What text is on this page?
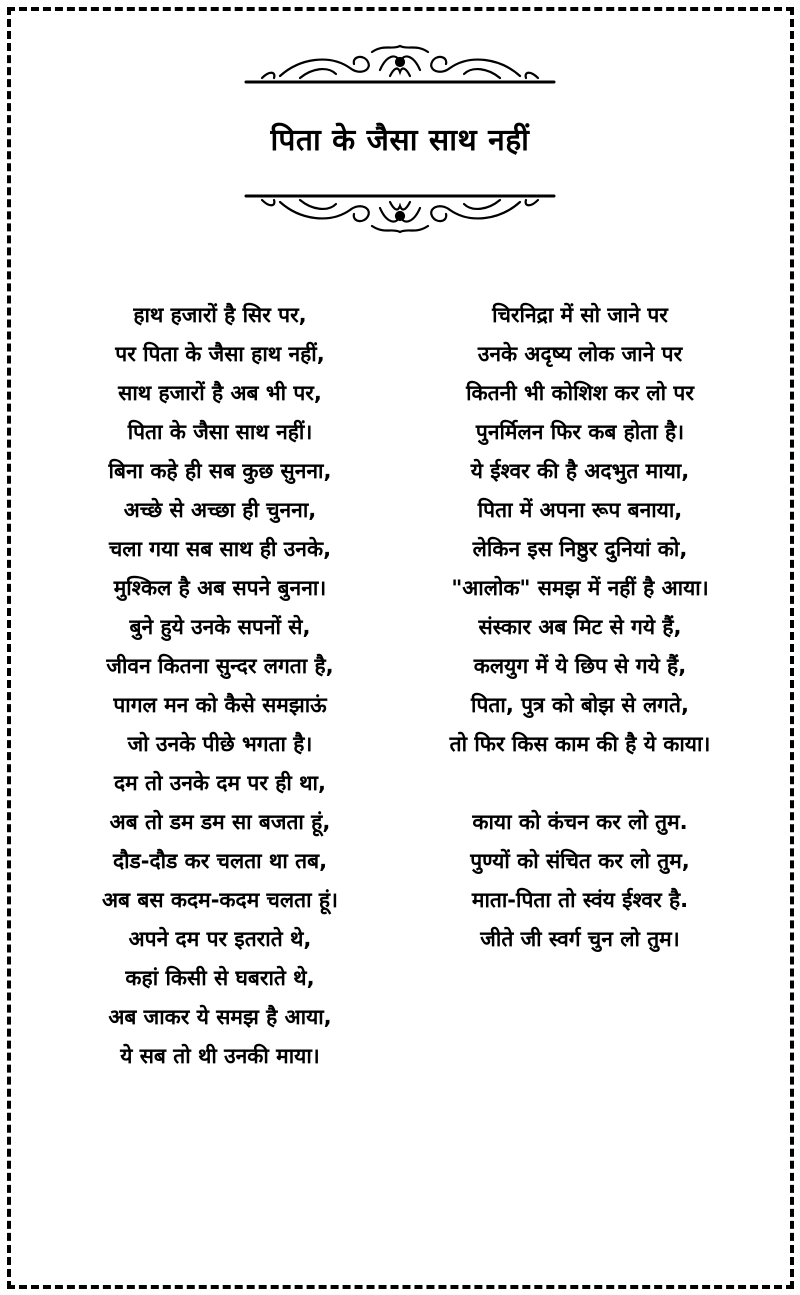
पिता के जैसा साथ नहीं
हाथ हजारों है सिर पर,
पर पिता के जैसा हाथ नहीं,
साथ हजारों है अब भी पर,
पिता के जैसा साथ नहीं।
बिना कहे ही सब कुछ सुनना,
अच्छे से अच्छा ही चुनना,
चला गया सब साथ ही उनके,
मुश्किल है अब सपने बुनना।
बुने हुये उनके सपनों से,
जीवन कितना सुन्दर लगता है,
पागल मन को कैसे समझाऊं
जो उनके पीछे भगता है।
दम तो उनके दम पर ही था,
अब तो डम डम सा बजता हूं,
दौड-दौड कर चलता था तब,
अब बस कदम-कदम चलता हूं।
अपने दम पर इतराते थे,
कहां किसी से घबराते थे,
अब जाकर ये समझ है आया,
ये सब तो थी उनकी माया।
चिरनिद्रा में सो जाने पर
उनके अदृष्य लोक जाने पर
कितनी भी कोशिश कर लो पर
पुनर्मिलन फिर कब होता है।
ये ईश्वर की है अदभुत माया,
पिता में अपना रूप बनाया,
लेकिन इस निष्ठुर दुनियां को,
"आलोक" समझ में नहीं है आया।
संस्कार अब मिट से गये हैं,
कलयुग में ये छिप से गये हैं,
पिता, पुत्र को बोझ से लगते,
तो फिर किस काम की है ये काया।
काया को कंचन कर लो तुम.
पुण्यों को संचित कर लो तुम,
माता-पिता तो स्वंय ईश्वर है.
जीते जी स्वर्ग चुन लो तुम।
